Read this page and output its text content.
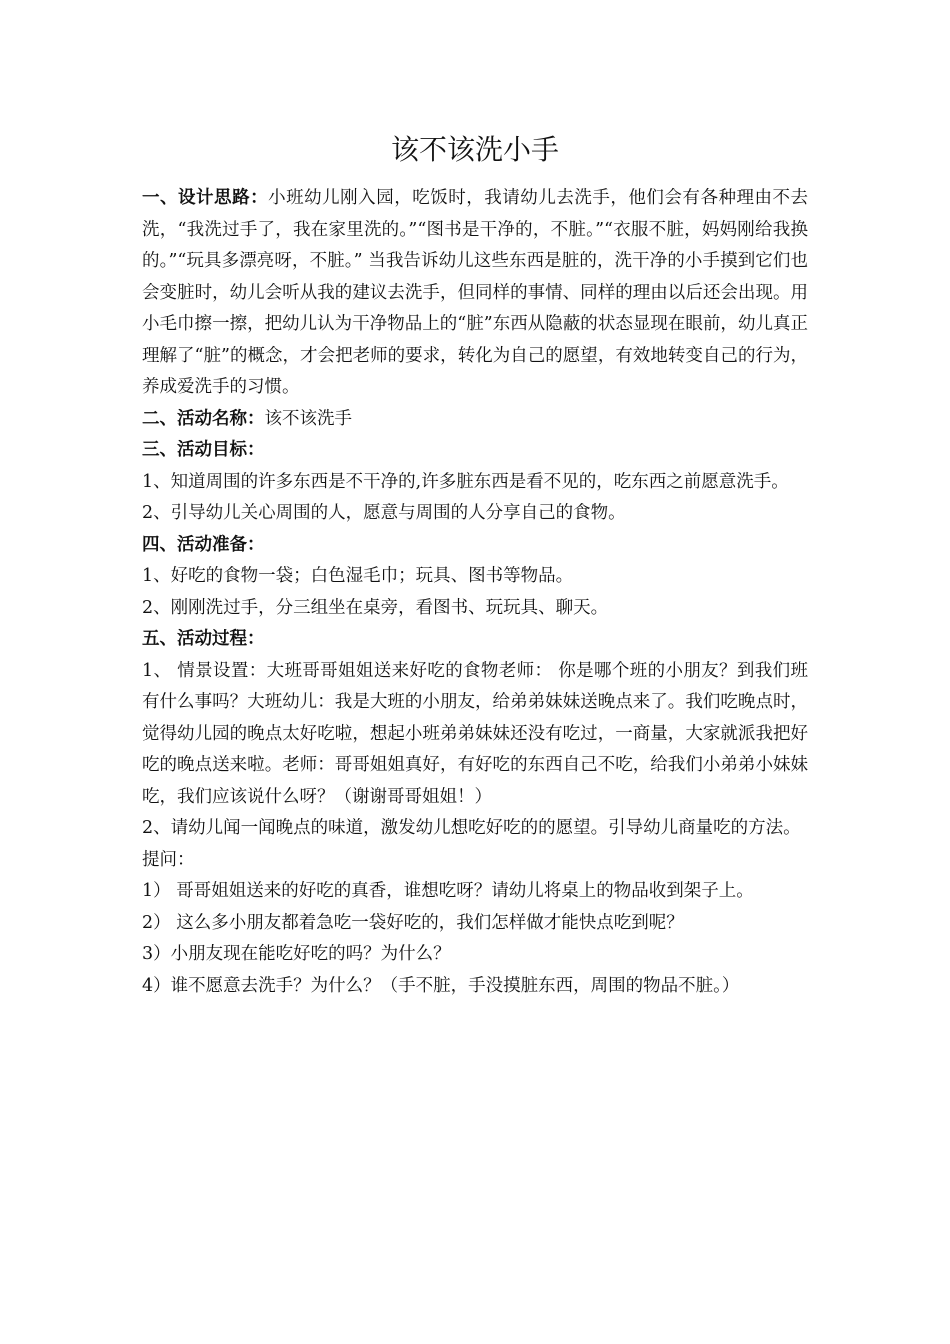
该不该洗小手

一、设计思路：小班幼儿刚入园，吃饭时，我请幼儿去洗手，他们会有各种理由不去洗，“我洗过手了，我在家里洗的。”“图书是干净的，不脏。”“衣服不脏，妈妈刚给我换的。”“玩具多漂亮呀，不脏。” 当我告诉幼儿这些东西是脏的，洗干净的小手摸到它们也会变脏时，幼儿会听从我的建议去洗手，但同样的事情、同样的理由以后还会出现。用小毛巾擦一擦，把幼儿认为干净物品上的“脏”东西从隐蔽的状态显现在眼前，幼儿真正理解了“脏”的概念，才会把老师的要求，转化为自己的愿望，有效地转变自己的行为，养成爱洗手的习惯。

二、活动名称：该不该洗手

三、活动目标：

1、知道周围的许多东西是不干净的,许多脏东西是看不见的，吃东西之前愿意洗手。

2、引导幼儿关心周围的人，愿意与周围的人分享自己的食物。

四、活动准备：

1、好吃的食物一袋；白色湿毛巾；玩具、图书等物品。

2、刚刚洗过手，分三组坐在桌旁，看图书、玩玩具、聊天。

五、活动过程：

1、 情景设置：大班哥哥姐姐送来好吃的食物老师： 你是哪个班的小朋友？到我们班有什么事吗？大班幼儿：我是大班的小朋友，给弟弟妹妹送晚点来了。我们吃晚点时，觉得幼儿园的晚点太好吃啦，想起小班弟弟妹妹还没有吃过，一商量，大家就派我把好吃的晚点送来啦。老师：哥哥姐姐真好，有好吃的东西自己不吃，给我们小弟弟小妹妹吃，我们应该说什么呀？（谢谢哥哥姐姐！）

2、请幼儿闻一闻晚点的味道，激发幼儿想吃好吃的的愿望。引导幼儿商量吃的方法。

提问：

1） 哥哥姐姐送来的好吃的真香，谁想吃呀？请幼儿将桌上的物品收到架子上。

2） 这么多小朋友都着急吃一袋好吃的，我们怎样做才能快点吃到呢？

3）小朋友现在能吃好吃的吗？为什么？

4）谁不愿意去洗手？为什么？（手不脏，手没摸脏东西，周围的物品不脏。）
